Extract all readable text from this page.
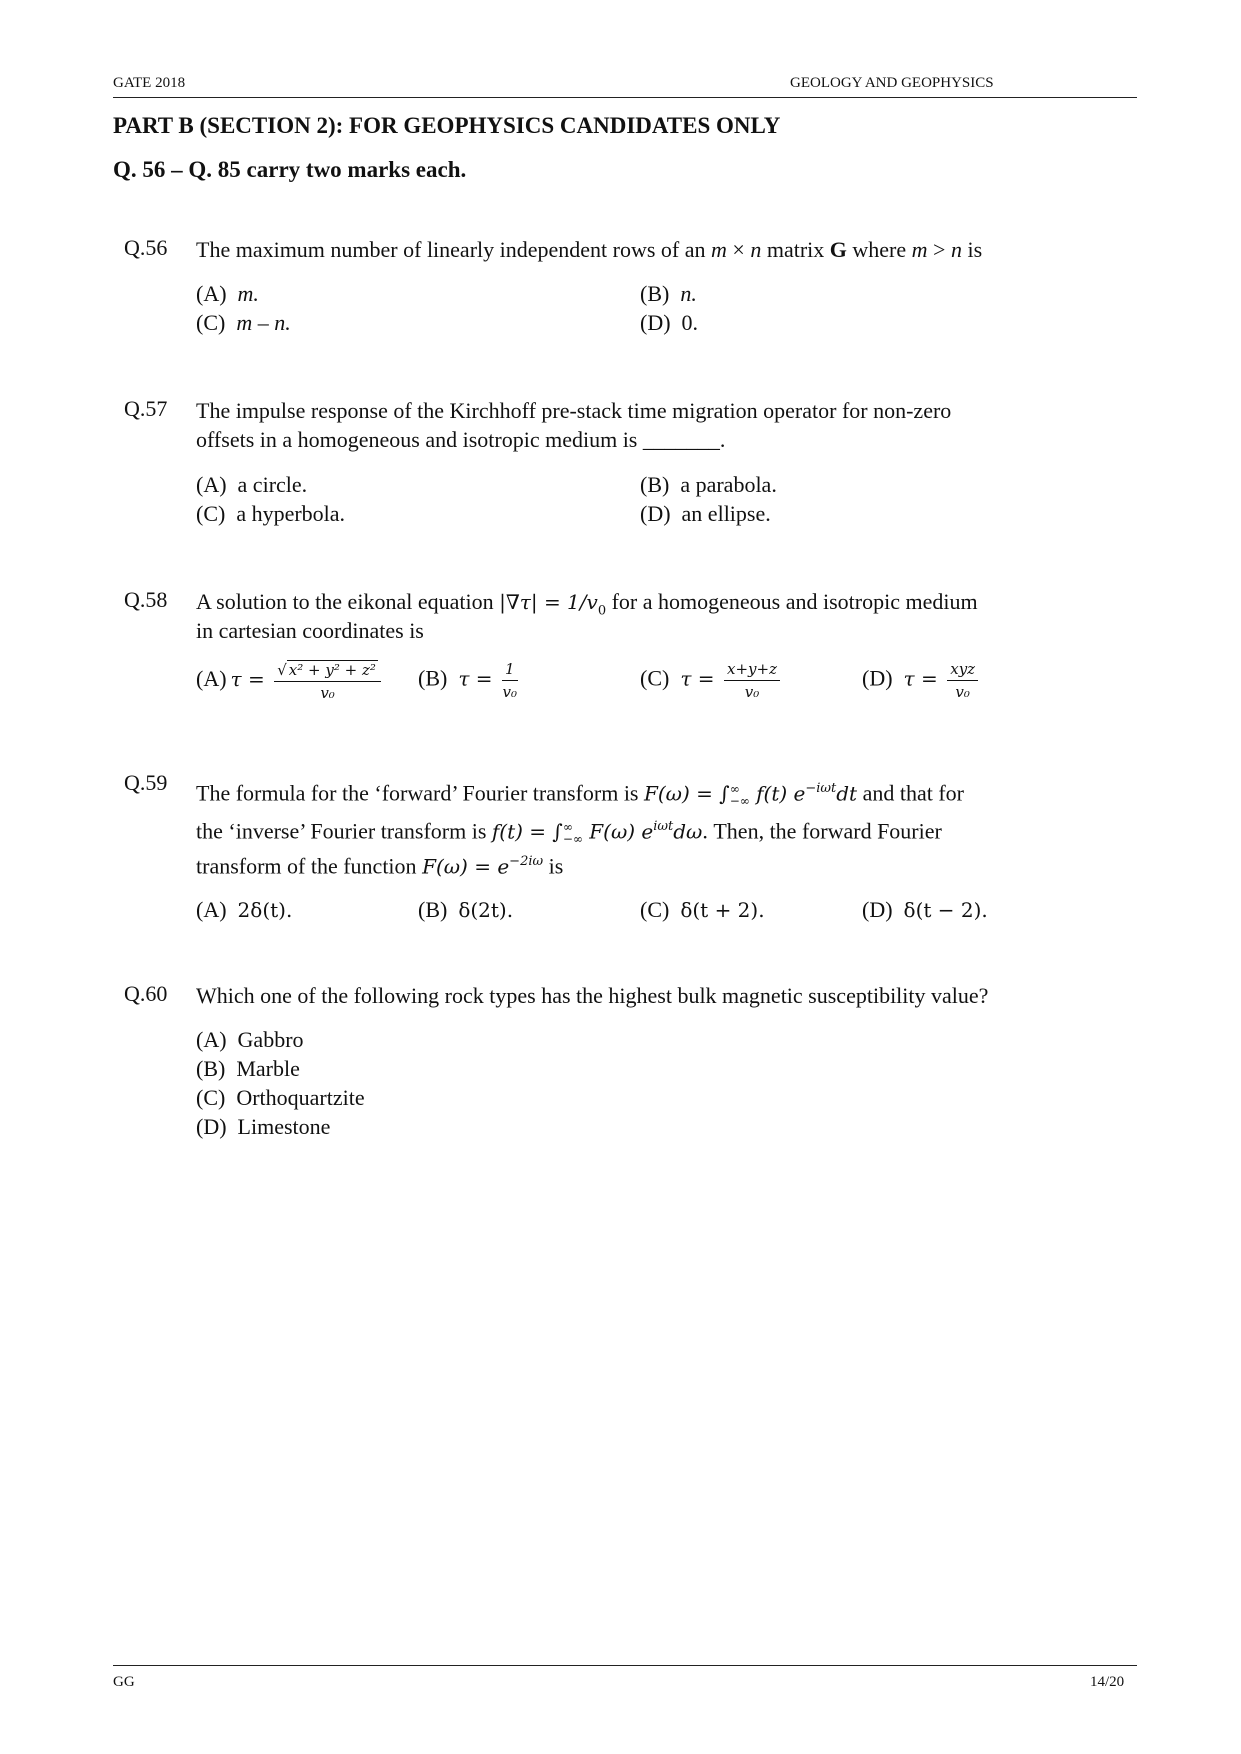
GATE 2018	GEOLOGY AND GEOPHYSICS
PART B (SECTION 2): FOR GEOPHYSICS CANDIDATES ONLY
Q. 56 – Q. 85 carry two marks each.
Q.56 The maximum number of linearly independent rows of an m × n matrix G where m > n is
(A) m.	(B) n.
(C) m – n.	(D) 0.
Q.57 The impulse response of the Kirchhoff pre-stack time migration operator for non-zero
offsets in a homogeneous and isotropic medium is _______.
(A) a circle.	(B) a parabola.
(C) a hyperbola.	(D) an ellipse.
Q.58 A solution to the eikonal equation $|\nabla\tau| = 1/v_0$ for a homogeneous and isotropic medium
in cartesian coordinates is
(A) $\tau = \frac{\text{√ x² + y² + z²}}{\text{v₀}} (B) \tau = \frac{1}{\text{v₀}}$	(C) $\tau = \frac{x+y+z}{\text{v₀}}$	(D) $\tau = \frac{\text{xyz}}{\text{v₀}}$
Q.59 The formula for the ‘forward’ Fourier transform is F(ω) = ∫ ∞
−∞ f(t) $e^{-i\omega t}dt$ and that for
the ‘inverse’ Fourier transform is f(t) = ∫ ∞
−∞ F(ω) $e^{i\omega t}d\omega$. Then, the forward Fourier
transform of the function $F(\omega) = e^{-2i\omega}$ is
(A) 2δ(t).	(B) δ(2t).	(C) δ(t + 2).	(D) δ(t − 2).
Q.60 Which one of the following rock types has the highest bulk magnetic susceptibility value?
(A) Gabbro
(B) Marble
(C) Orthoquartzite
(D) Limestone
GG	14/20
